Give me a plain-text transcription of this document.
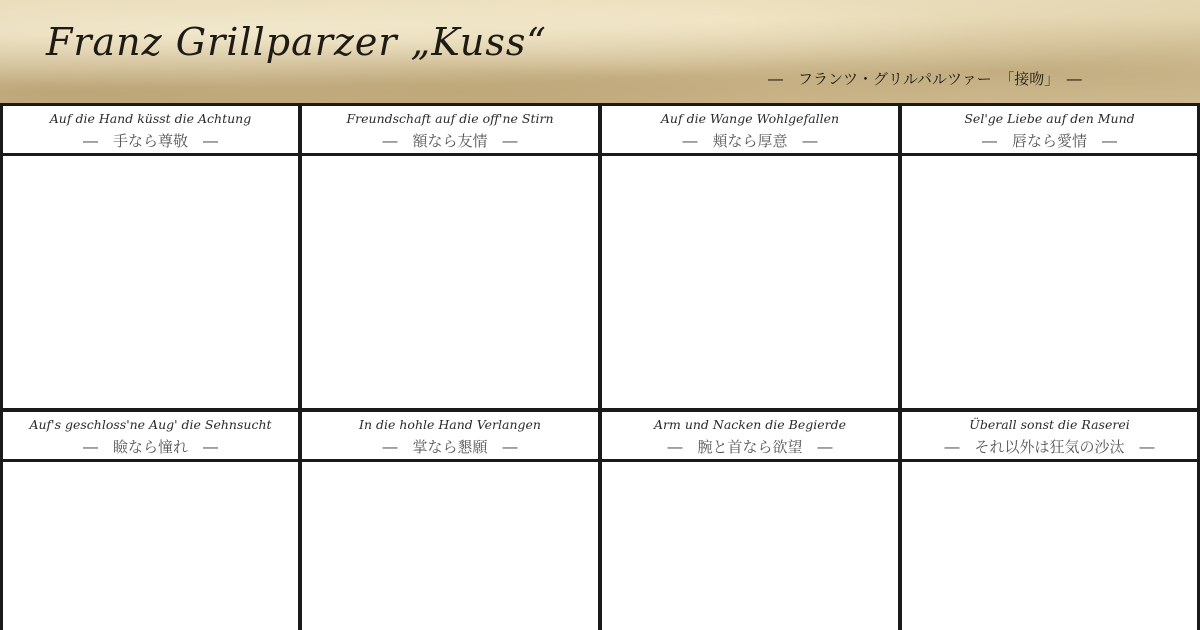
Franz Grillparzer „Kuss“
―　フランツ・グリルパルツァー　「接吻」　―
Auf die Hand küsst die Achtung
―　手なら尊敬　―
Freundschaft auf die off'ne Stirn
―　額なら友情　―
Auf die Wange Wohlgefallen
―　頬なら厚意　―
Sel'ge Liebe auf den Mund
―　唇なら愛情　―
Auf's geschloss'ne Aug' die Sehnsucht
―　瞼なら憧れ　―
In die hohle Hand Verlangen
―　掌なら懇願　―
Arm und Nacken die Begierde
―　腕と首なら欲望　―
Überall sonst die Raserei
―　それ以外は狂気の沙汰　―
